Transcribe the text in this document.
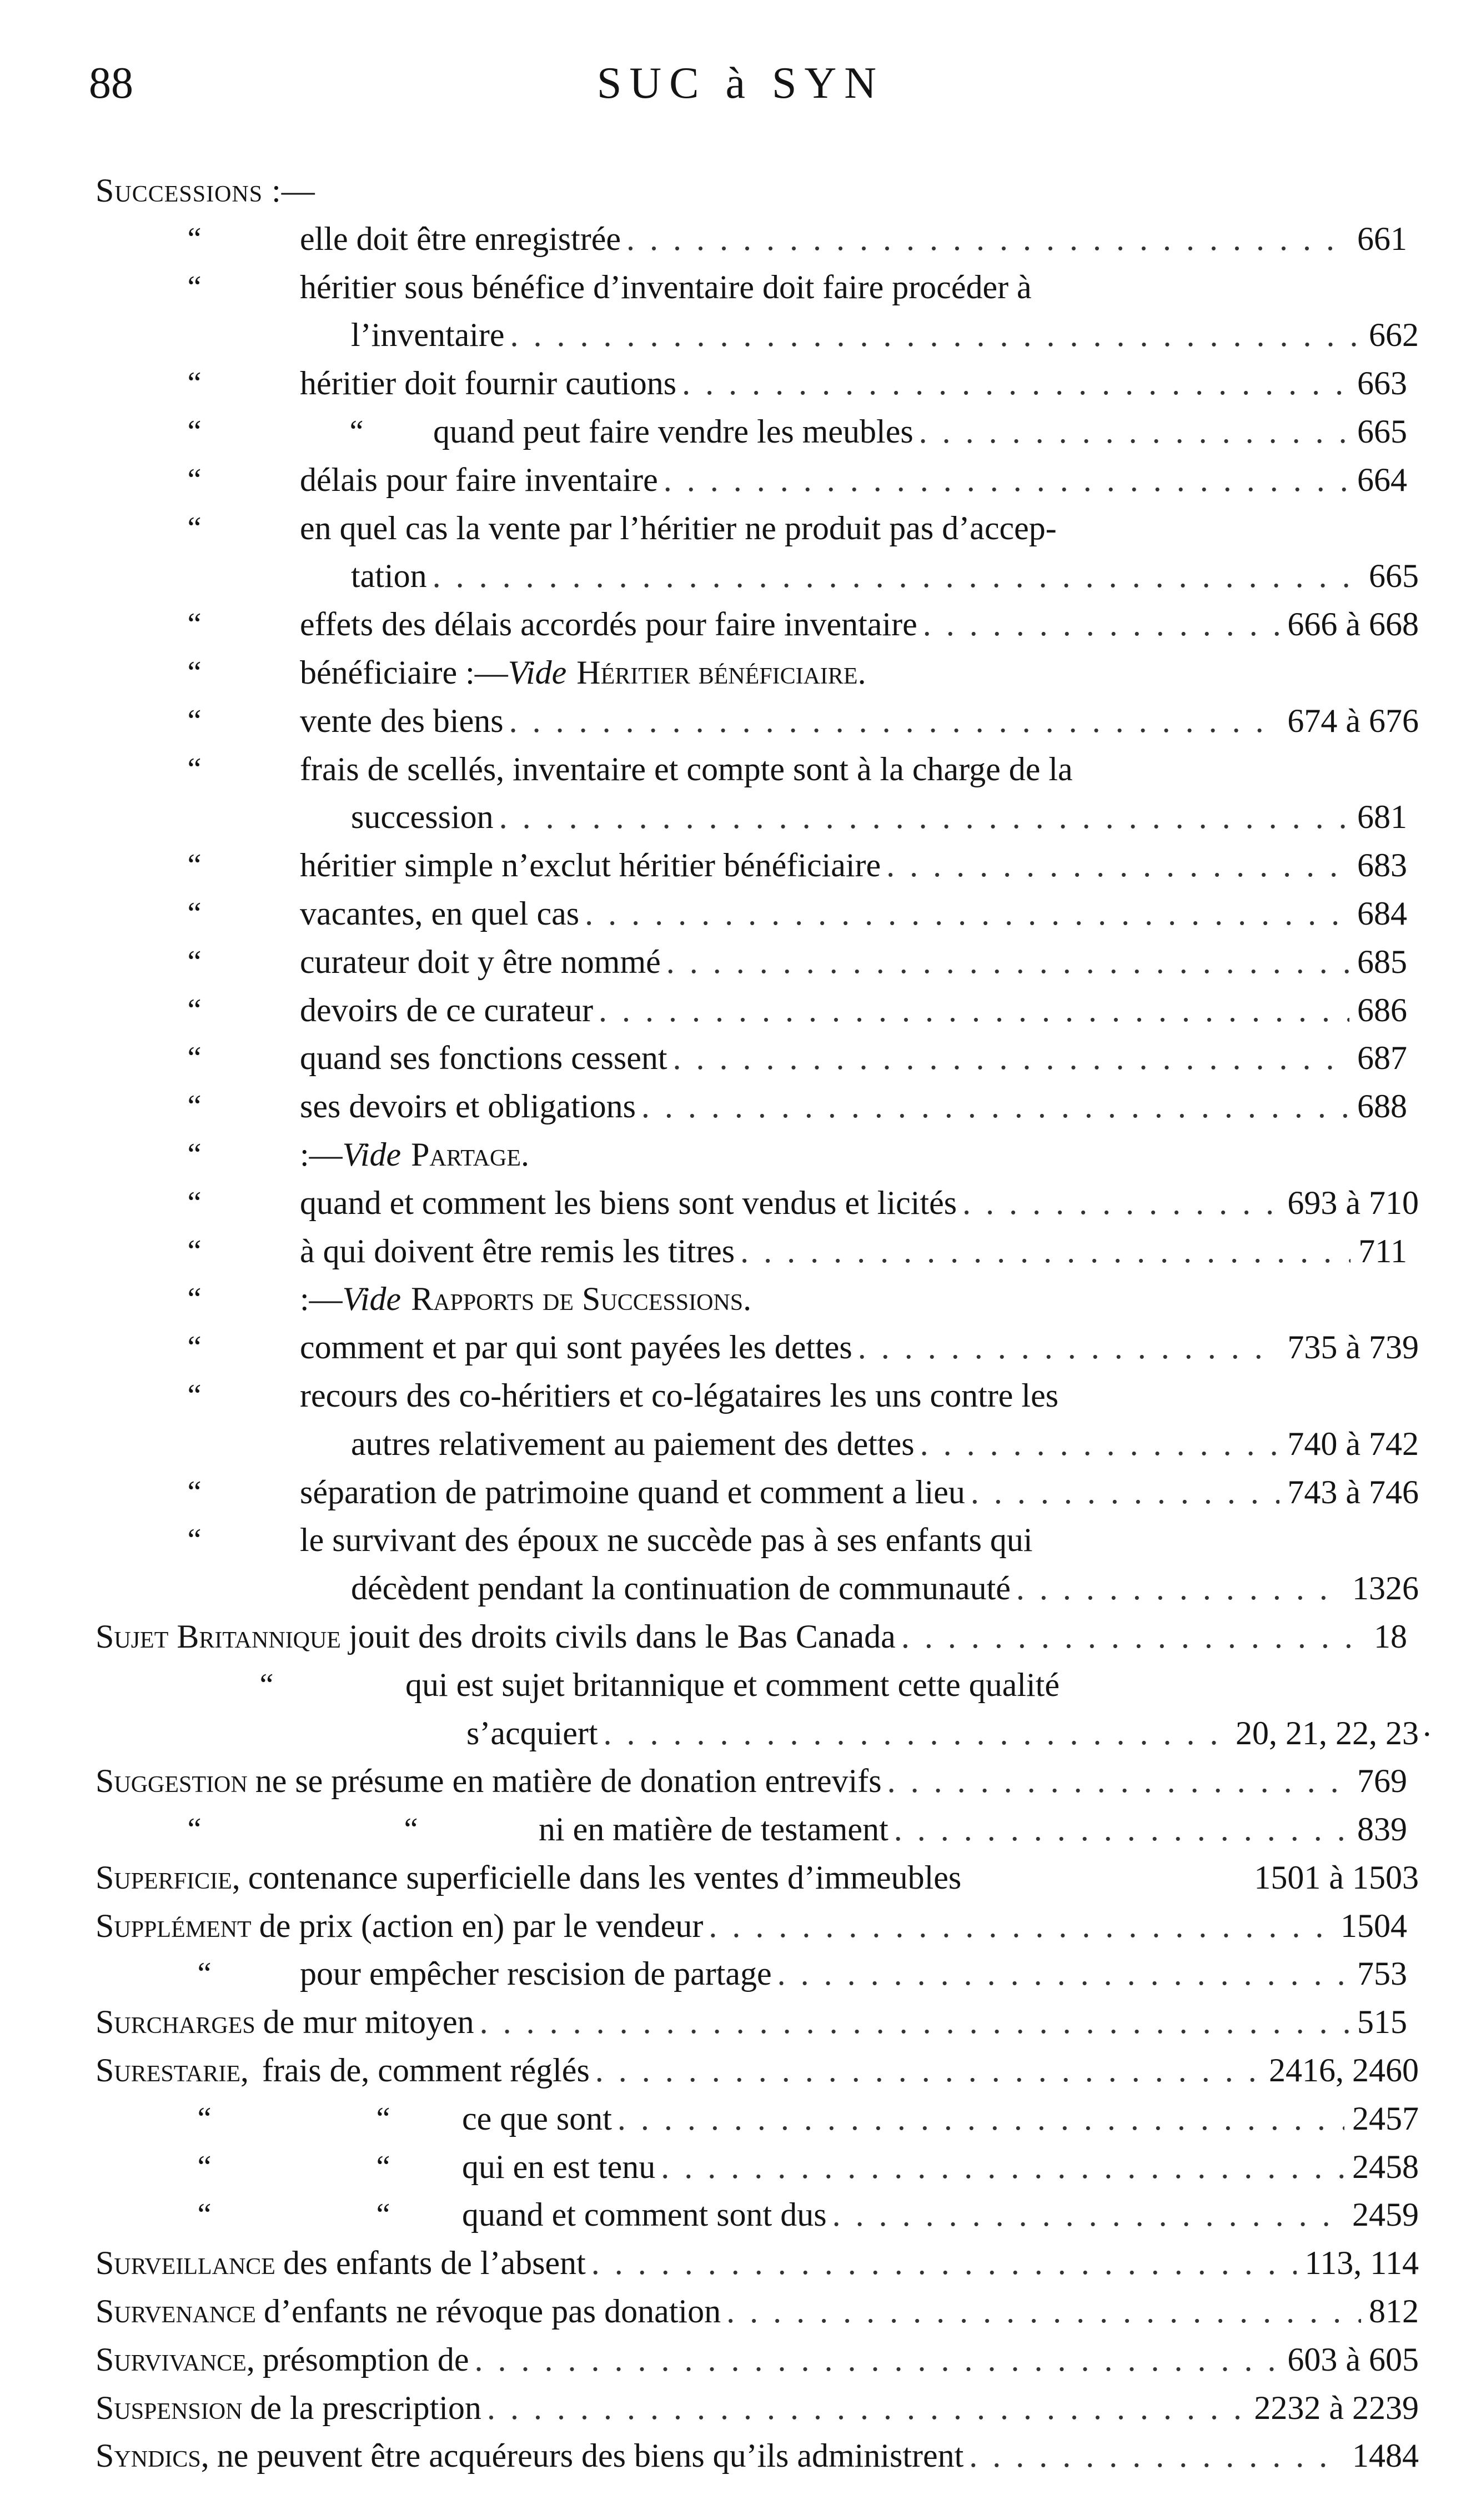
88	SUC à SYN
Successions :—
“	elle doit être enregistrée . . .	661
“	héritier sous bénéfice d’inventaire doit faire procéder à
l’inventaire . . .	662
“	héritier doit fournir cautions . . .	663
“	“ quand peut faire vendre les meubles . . .	665
“	délais pour faire inventaire . . .	664
“	en quel cas la vente par l’héritier ne produit pas d’accep-
tation . . .	665
“	effets des délais accordés pour faire inventaire . . .	666 à 668
“	bénéficiaire :— Vide Héritier bénéficiaire.
“	vente des biens . . .	674 à 676
“	frais de scellés, inventaire et compte sont à la charge de la
succession . . .	681
“	héritier simple n’exclut héritier bénéficiaire . . .	683
“	vacantes, en quel cas . . .	684
“	curateur doit y être nommé . . .	685
“	devoirs de ce curateur . . .	686
“	quand ses fonctions cessent . . .	687
“	ses devoirs et obligations . . .	688
“	:— Vide Partage.
“	quand et comment les biens sont vendus et licités . . .	693 à 710
“	à qui doivent être remis les titres . . .	711
“	:— Vide Rapports de Successions.
“	comment et par qui sont payées les dettes . . .	735 à 739
“	recours des co-héritiers et co-légataires les uns contre les
autres relativement au paiement des dettes . . .	740 à 742
“	séparation de patrimoine quand et comment a lieu . . .	743 à 746
“	le survivant des époux ne succède pas à ses enfants qui
décèdent pendant la continuation de communauté . . .	1326
Sujet Britannique jouit des droits civils dans le Bas Canada . . .	18
“	qui est sujet britannique et comment cette qualité
s’acquiert . . .	20, 21, 22, 23 •
Suggestion ne se présume en matière de donation entrevifs . . .	769
“	“	ni en matière de testament . . .	839
Superficie, contenance superficielle dans les ventes d’immeubles	1501 à 1503
Supplément de prix (action en) par le vendeur . . .	1504
“	pour empêcher rescision de partage . . .	753
Surcharges de mur mitoyen . . .	515
Surestarie, frais de, comment réglés . . .	2416, 2460
“	“ ce que sont . . .	2457
“	“ qui en est tenu . . .	2458
“	“ quand et comment sont dus . . .	2459
Surveillance des enfants de l’absent . . .	113, 114
Survenance d’enfants ne révoque pas donation . . .	812
Survivance, présomption de . . .	603 à 605
Suspension de la prescription . . .	2232 à 2239
Syndics, ne peuvent être acquéreurs des biens qu’ils administrent . . .	1484
